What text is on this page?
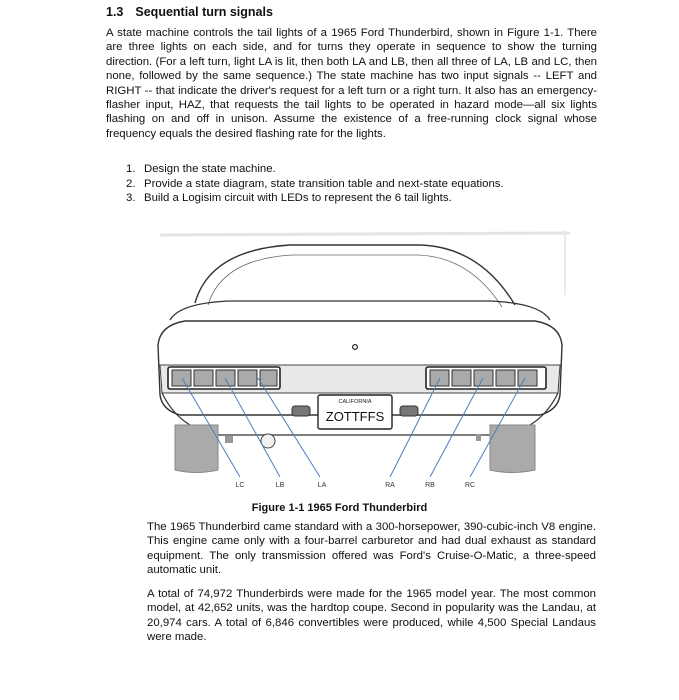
1.3 Sequential turn signals

A state machine controls the tail lights of a 1965 Ford Thunderbird, shown in Figure 1-1. There are three lights on each side, and for turns they operate in sequence to show the turning direction. (For a left turn, light LA is lit, then both LA and LB, then all three of LA, LB and LC, then none, followed by the same sequence.) The state machine has two input signals -- LEFT and RIGHT -- that indicate the driver's request for a left turn or a right turn. It also has an emergency-flasher input, HAZ, that requests the tail lights to be operated in hazard mode—all six lights flashing on and off in unison. Assume the existence of a free-running clock signal whose frequency equals the desired flashing rate for the lights.

1. Design the state machine.
2. Provide a state diagram, state transition table and next-state equations.
3. Build a Logisim circuit with LEDs to represent the 6 tail lights.
CALIFORNIA
ZOTTFFS
LC	LB	LA	RA	RB	RC
Figure 1-1 1965 Ford Thunderbird

The 1965 Thunderbird came standard with a 300-horsepower, 390-cubic-inch V8 engine. This engine came only with a four-barrel carburetor and had dual exhaust as standard equipment. The only transmission offered was Ford's Cruise-O-Matic, a three-speed automatic unit.

A total of 74,972 Thunderbirds were made for the 1965 model year. The most common model, at 42,652 units, was the hardtop coupe. Second in popularity was the Landau, at 20,974 cars. A total of 6,846 convertibles were produced, while 4,500 Special Landaus were made.
